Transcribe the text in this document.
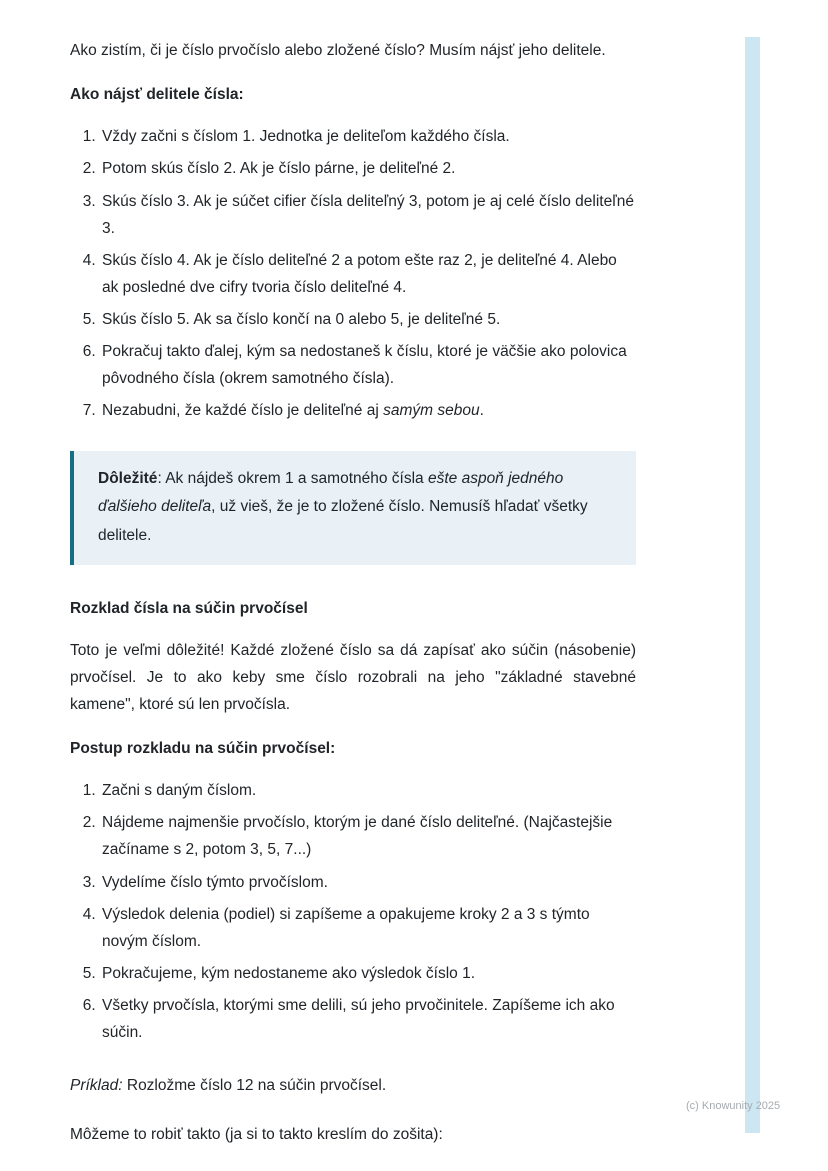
Ako zistím, či je číslo prvočíslo alebo zložené číslo? Musím nájsť jeho delitele.

Ako nájsť delitele čísla:

1. Vždy začni s číslom 1. Jednotka je deliteľom každého čísla.
2. Potom skús číslo 2. Ak je číslo párne, je deliteľné 2.
3. Skús číslo 3. Ak je súčet cifier čísla deliteľný 3, potom je aj celé číslo deliteľné 3.
4. Skús číslo 4. Ak je číslo deliteľné 2 a potom ešte raz 2, je deliteľné 4. Alebo ak posledné dve cifry tvoria číslo deliteľné 4.
5. Skús číslo 5. Ak sa číslo končí na 0 alebo 5, je deliteľné 5.
6. Pokračuj takto ďalej, kým sa nedostaneš k číslu, ktoré je väčšie ako polovica pôvodného čísla (okrem samotného čísla).
7. Nezabudni, že každé číslo je deliteľné aj samým sebou.

Dôležité: Ak nájdeš okrem 1 a samotného čísla ešte aspoň jedného ďalšieho deliteľa, už vieš, že je to zložené číslo. Nemusíš hľadať všetky delitele.

Rozklad čísla na súčin prvočísel

Toto je veľmi dôležité! Každé zložené číslo sa dá zapísať ako súčin (násobenie) prvočísel. Je to ako keby sme číslo rozobrali na jeho "základné stavebné kamene", ktoré sú len prvočísla.

Postup rozkladu na súčin prvočísel:

1. Začni s daným číslom.
2. Nájdeme najmenšie prvočíslo, ktorým je dané číslo deliteľné. (Najčastejšie začíname s 2, potom 3, 5, 7...)
3. Vydelíme číslo týmto prvočíslom.
4. Výsledok delenia (podiel) si zapíšeme a opakujeme kroky 2 a 3 s týmto novým číslom.
5. Pokračujeme, kým nedostaneme ako výsledok číslo 1.
6. Všetky prvočísla, ktorými sme delili, sú jeho prvočinitele. Zapíšeme ich ako súčin.

Príklad: Rozložme číslo 12 na súčin prvočísel.

Môžeme to robiť takto (ja si to takto kreslím do zošita):

(c) Knowunity 2025
